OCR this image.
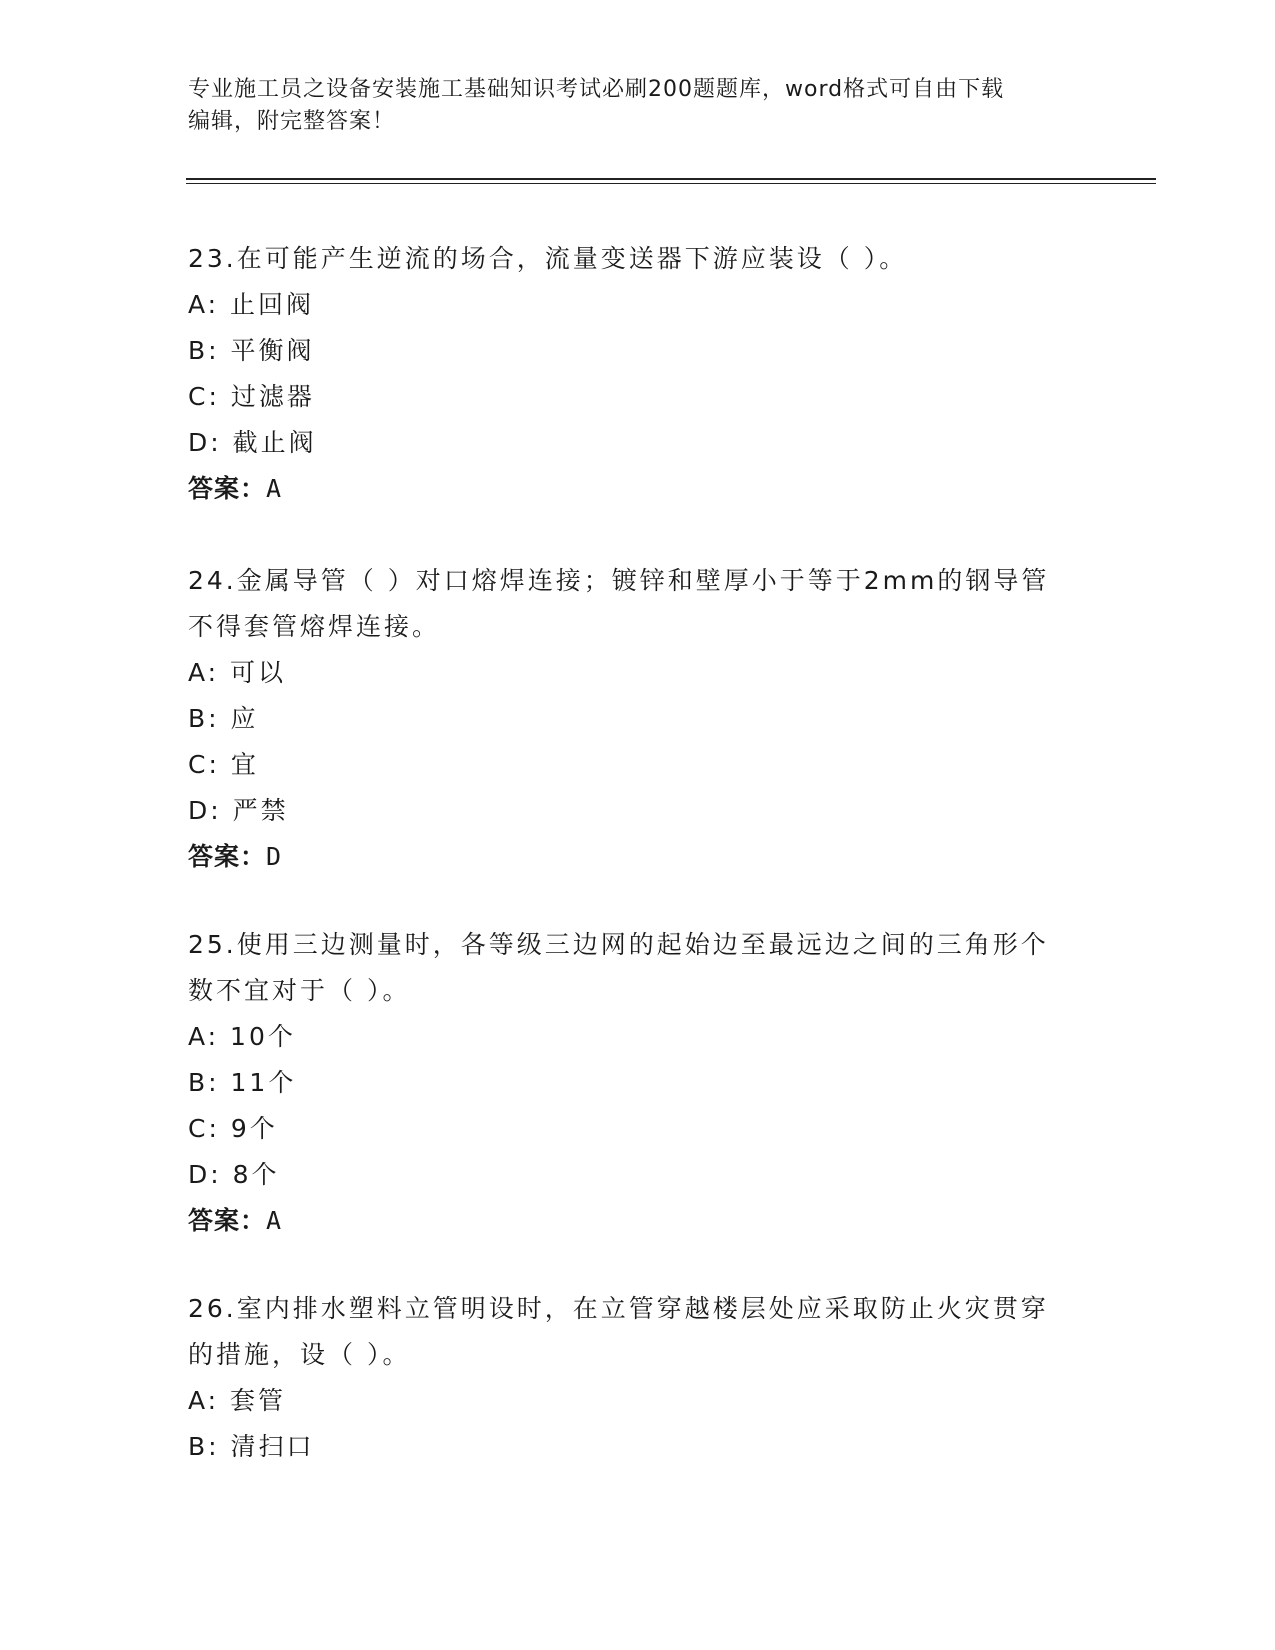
专业施工员之设备安装施工基础知识考试必刷200题题库，word格式可自由下载
编辑，附完整答案！
23.在可能产生逆流的场合，流量变送器下游应装设（ ）。
A: 止回阀
B: 平衡阀
C: 过滤器
D: 截止阀
答案：A
24.金属导管（ ）对口熔焊连接；镀锌和壁厚小于等于2mm的钢导管
不得套管熔焊连接。
A: 可以
B: 应
C: 宜
D: 严禁
答案：D
25.使用三边测量时，各等级三边网的起始边至最远边之间的三角形个
数不宜对于（ ）。
A: 10个
B: 11个
C: 9个
D: 8个
答案：A
26.室内排水塑料立管明设时，在立管穿越楼层处应采取防止火灾贯穿
的措施，设（ ）。
A: 套管
B: 清扫口
